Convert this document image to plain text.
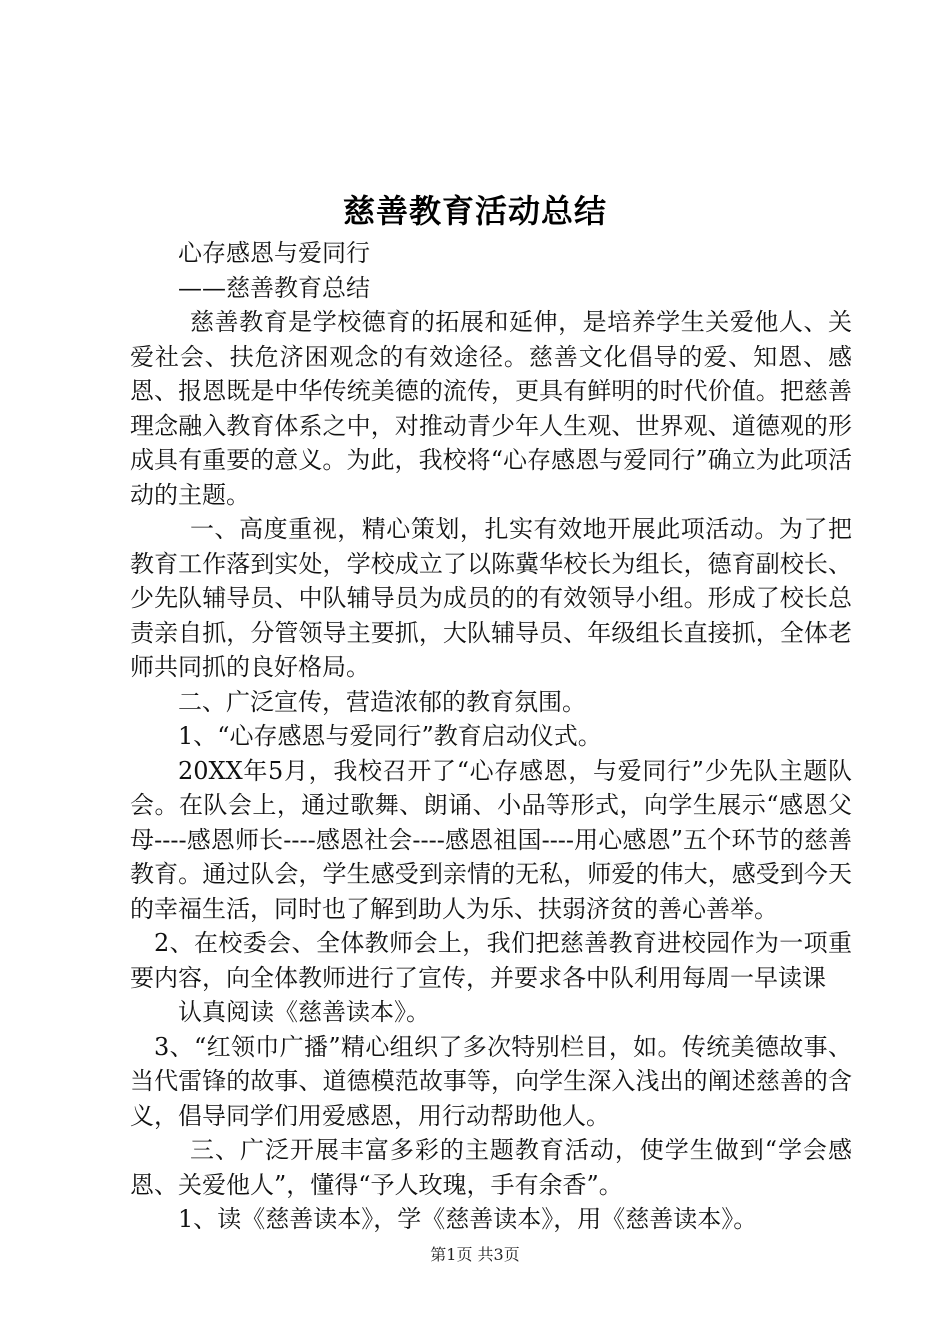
慈善教育活动总结

心存感恩与爱同行

——慈善教育总结

慈善教育是学校德育的拓展和延伸，是培养学生关爱他人、关爱社会、扶危济困观念的有效途径。慈善文化倡导的爱、知恩、感恩、报恩既是中华传统美德的流传，更具有鲜明的时代价值。把慈善理念融入教育体系之中，对推动青少年人生观、世界观、道德观的形成具有重要的意义。为此，我校将“心存感恩与爱同行”确立为此项活动的主题。

一、高度重视，精心策划，扎实有效地开展此项活动。为了把教育工作落到实处，学校成立了以陈冀华校长为组长，德育副校长、少先队辅导员、中队辅导员为成员的的有效领导小组。形成了校长总责亲自抓，分管领导主要抓，大队辅导员、年级组长直接抓，全体老师共同抓的良好格局。

二、广泛宣传，营造浓郁的教育氛围。

1、“心存感恩与爱同行”教育启动仪式。

20XX年5月，我校召开了“心存感恩，与爱同行”少先队主题队会。在队会上，通过歌舞、朗诵、小品等形式，向学生展示“感恩父母----感恩师长----感恩社会----感恩祖国----用心感恩”五个环节的慈善教育。通过队会，学生感受到亲情的无私，师爱的伟大，感受到今天的幸福生活，同时也了解到助人为乐、扶弱济贫的善心善举。

2、在校委会、全体教师会上，我们把慈善教育进校园作为一项重要内容，向全体教师进行了宣传，并要求各中队利用每周一早读课

认真阅读《慈善读本》。

3、“红领巾广播”精心组织了多次特别栏目，如。传统美德故事、当代雷锋的故事、道德模范故事等，向学生深入浅出的阐述慈善的含义，倡导同学们用爱感恩，用行动帮助他人。

三、广泛开展丰富多彩的主题教育活动，使学生做到“学会感恩、关爱他人”，懂得“予人玫瑰，手有余香”。

1、读《慈善读本》，学《慈善读本》，用《慈善读本》。

第1页 共3页
